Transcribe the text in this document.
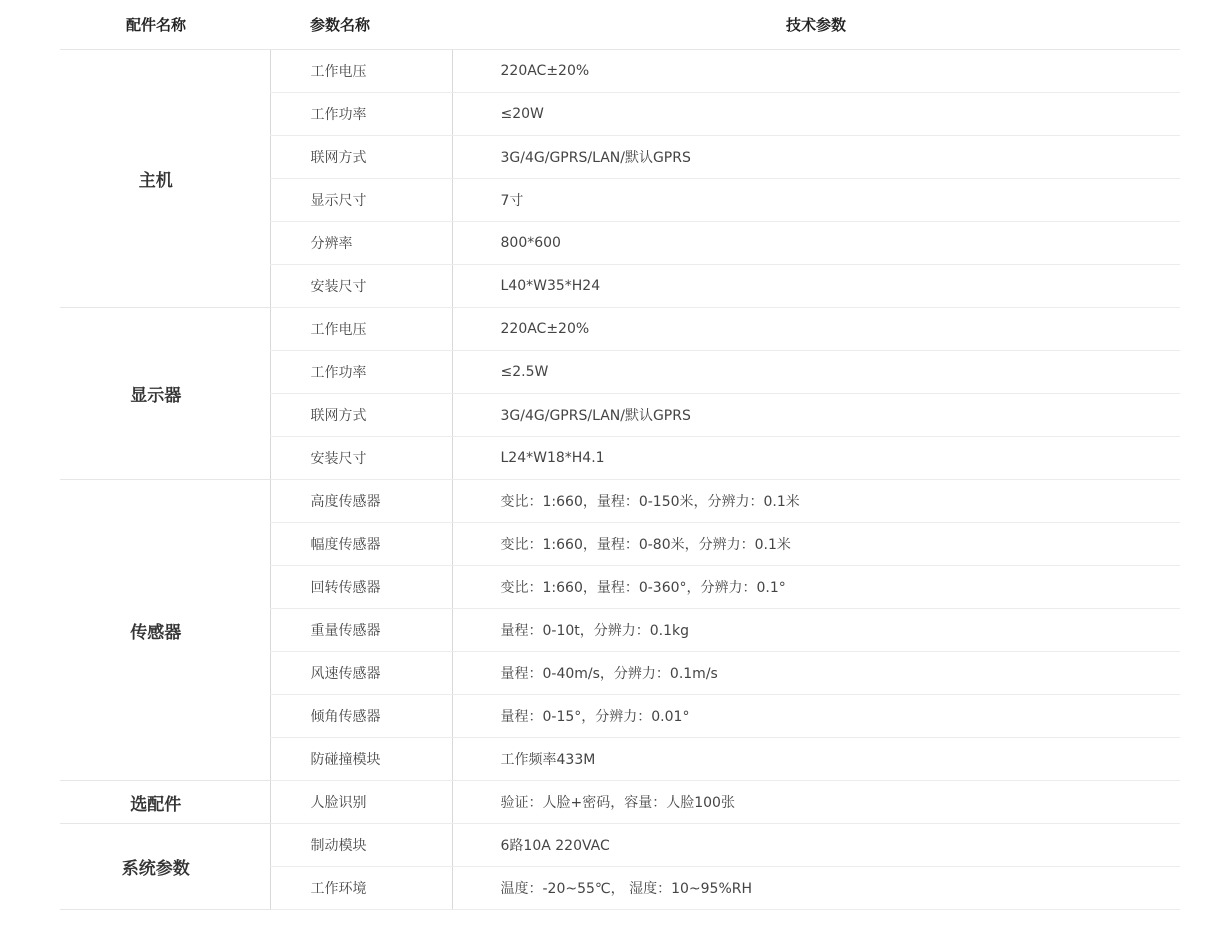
配件名称	参数名称	技术参数
主机	工作电压	220AC±20%
	工作功率	≤20W
	联网方式	3G/4G/GPRS/LAN/默认GPRS
	显示尺寸	7寸
	分辨率	800*600
	安装尺寸	L40*W35*H24
显示器	工作电压	220AC±20%
	工作功率	≤2.5W
	联网方式	3G/4G/GPRS/LAN/默认GPRS
	安装尺寸	L24*W18*H4.1
传感器	高度传感器	变比：1:660，量程：0-150米，分辨力：0.1米
	幅度传感器	变比：1:660，量程：0-80米，分辨力：0.1米
	回转传感器	变比：1:660，量程：0-360°，分辨力：0.1°
	重量传感器	量程：0-10t，分辨力：0.1kg
	风速传感器	量程：0-40m/s，分辨力：0.1m/s
	倾角传感器	量程：0-15°，分辨力：0.01°
	防碰撞模块	工作频率433M
选配件	人脸识别	验证：人脸+密码，容量：人脸100张
系统参数	制动模块	6路10A 220VAC
	工作环境	温度：-20~55℃， 湿度：10~95%RH
